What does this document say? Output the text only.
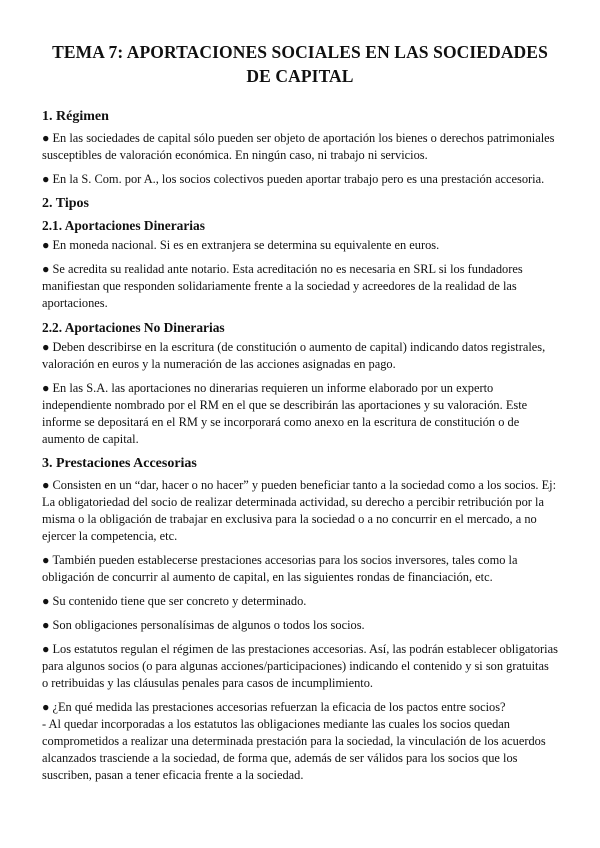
TEMA 7: APORTACIONES SOCIALES EN LAS SOCIEDADES DE CAPITAL
1. Régimen

● En las sociedades de capital sólo pueden ser objeto de aportación los bienes o derechos patrimoniales susceptibles de valoración económica. En ningún caso, ni trabajo ni servicios.

● En la S. Com. por A., los socios colectivos pueden aportar trabajo pero es una prestación accesoria.

2. Tipos
2.1. Aportaciones Dinerarias

● En moneda nacional. Si es en extranjera se determina su equivalente en euros.

● Se acredita su realidad ante notario. Esta acreditación no es necesaria en SRL si los fundadores manifiestan que responden solidariamente frente a la sociedad y acreedores de la realidad de las aportaciones.

2.2. Aportaciones No Dinerarias

● Deben describirse en la escritura (de constitución o aumento de capital) indicando datos registrales, valoración en euros y la numeración de las acciones asignadas en pago.

● En las S.A. las aportaciones no dinerarias requieren un informe elaborado por un experto independiente nombrado por el RM en el que se describirán las aportaciones y su valoración. Este informe se depositará en el RM y se incorporará como anexo en la escritura de constitución o de aumento de capital.

3. Prestaciones Accesorias

● Consisten en un “dar, hacer o no hacer” y pueden beneficiar tanto a la sociedad como a los socios. Ej: La obligatoriedad del socio de realizar determinada actividad, su derecho a percibir retribución por la misma o la obligación de trabajar en exclusiva para la sociedad o a no concurrir en el mercado, a no ejercer la competencia, etc.

● También pueden establecerse prestaciones accesorias para los socios inversores, tales como la obligación de concurrir al aumento de capital, en las siguientes rondas de financiación, etc.

● Su contenido tiene que ser concreto y determinado.

● Son obligaciones personalísimas de algunos o todos los socios.

● Los estatutos regulan el régimen de las prestaciones accesorias. Así, las podrán establecer obligatorias para algunos socios (o para algunas acciones/participaciones) indicando el contenido y si son gratuitas o retribuidas y las cláusulas penales para casos de incumplimiento.

● ¿En qué medida las prestaciones accesorias refuerzan la eficacia de los pactos entre socios?

- Al quedar incorporadas a los estatutos las obligaciones mediante las cuales los socios quedan comprometidos a realizar una determinada prestación para la sociedad, la vinculación de los acuerdos alcanzados trasciende a la sociedad, de forma que, además de ser válidos para los socios que los suscriben, pasan a tener eficacia frente a la sociedad.
